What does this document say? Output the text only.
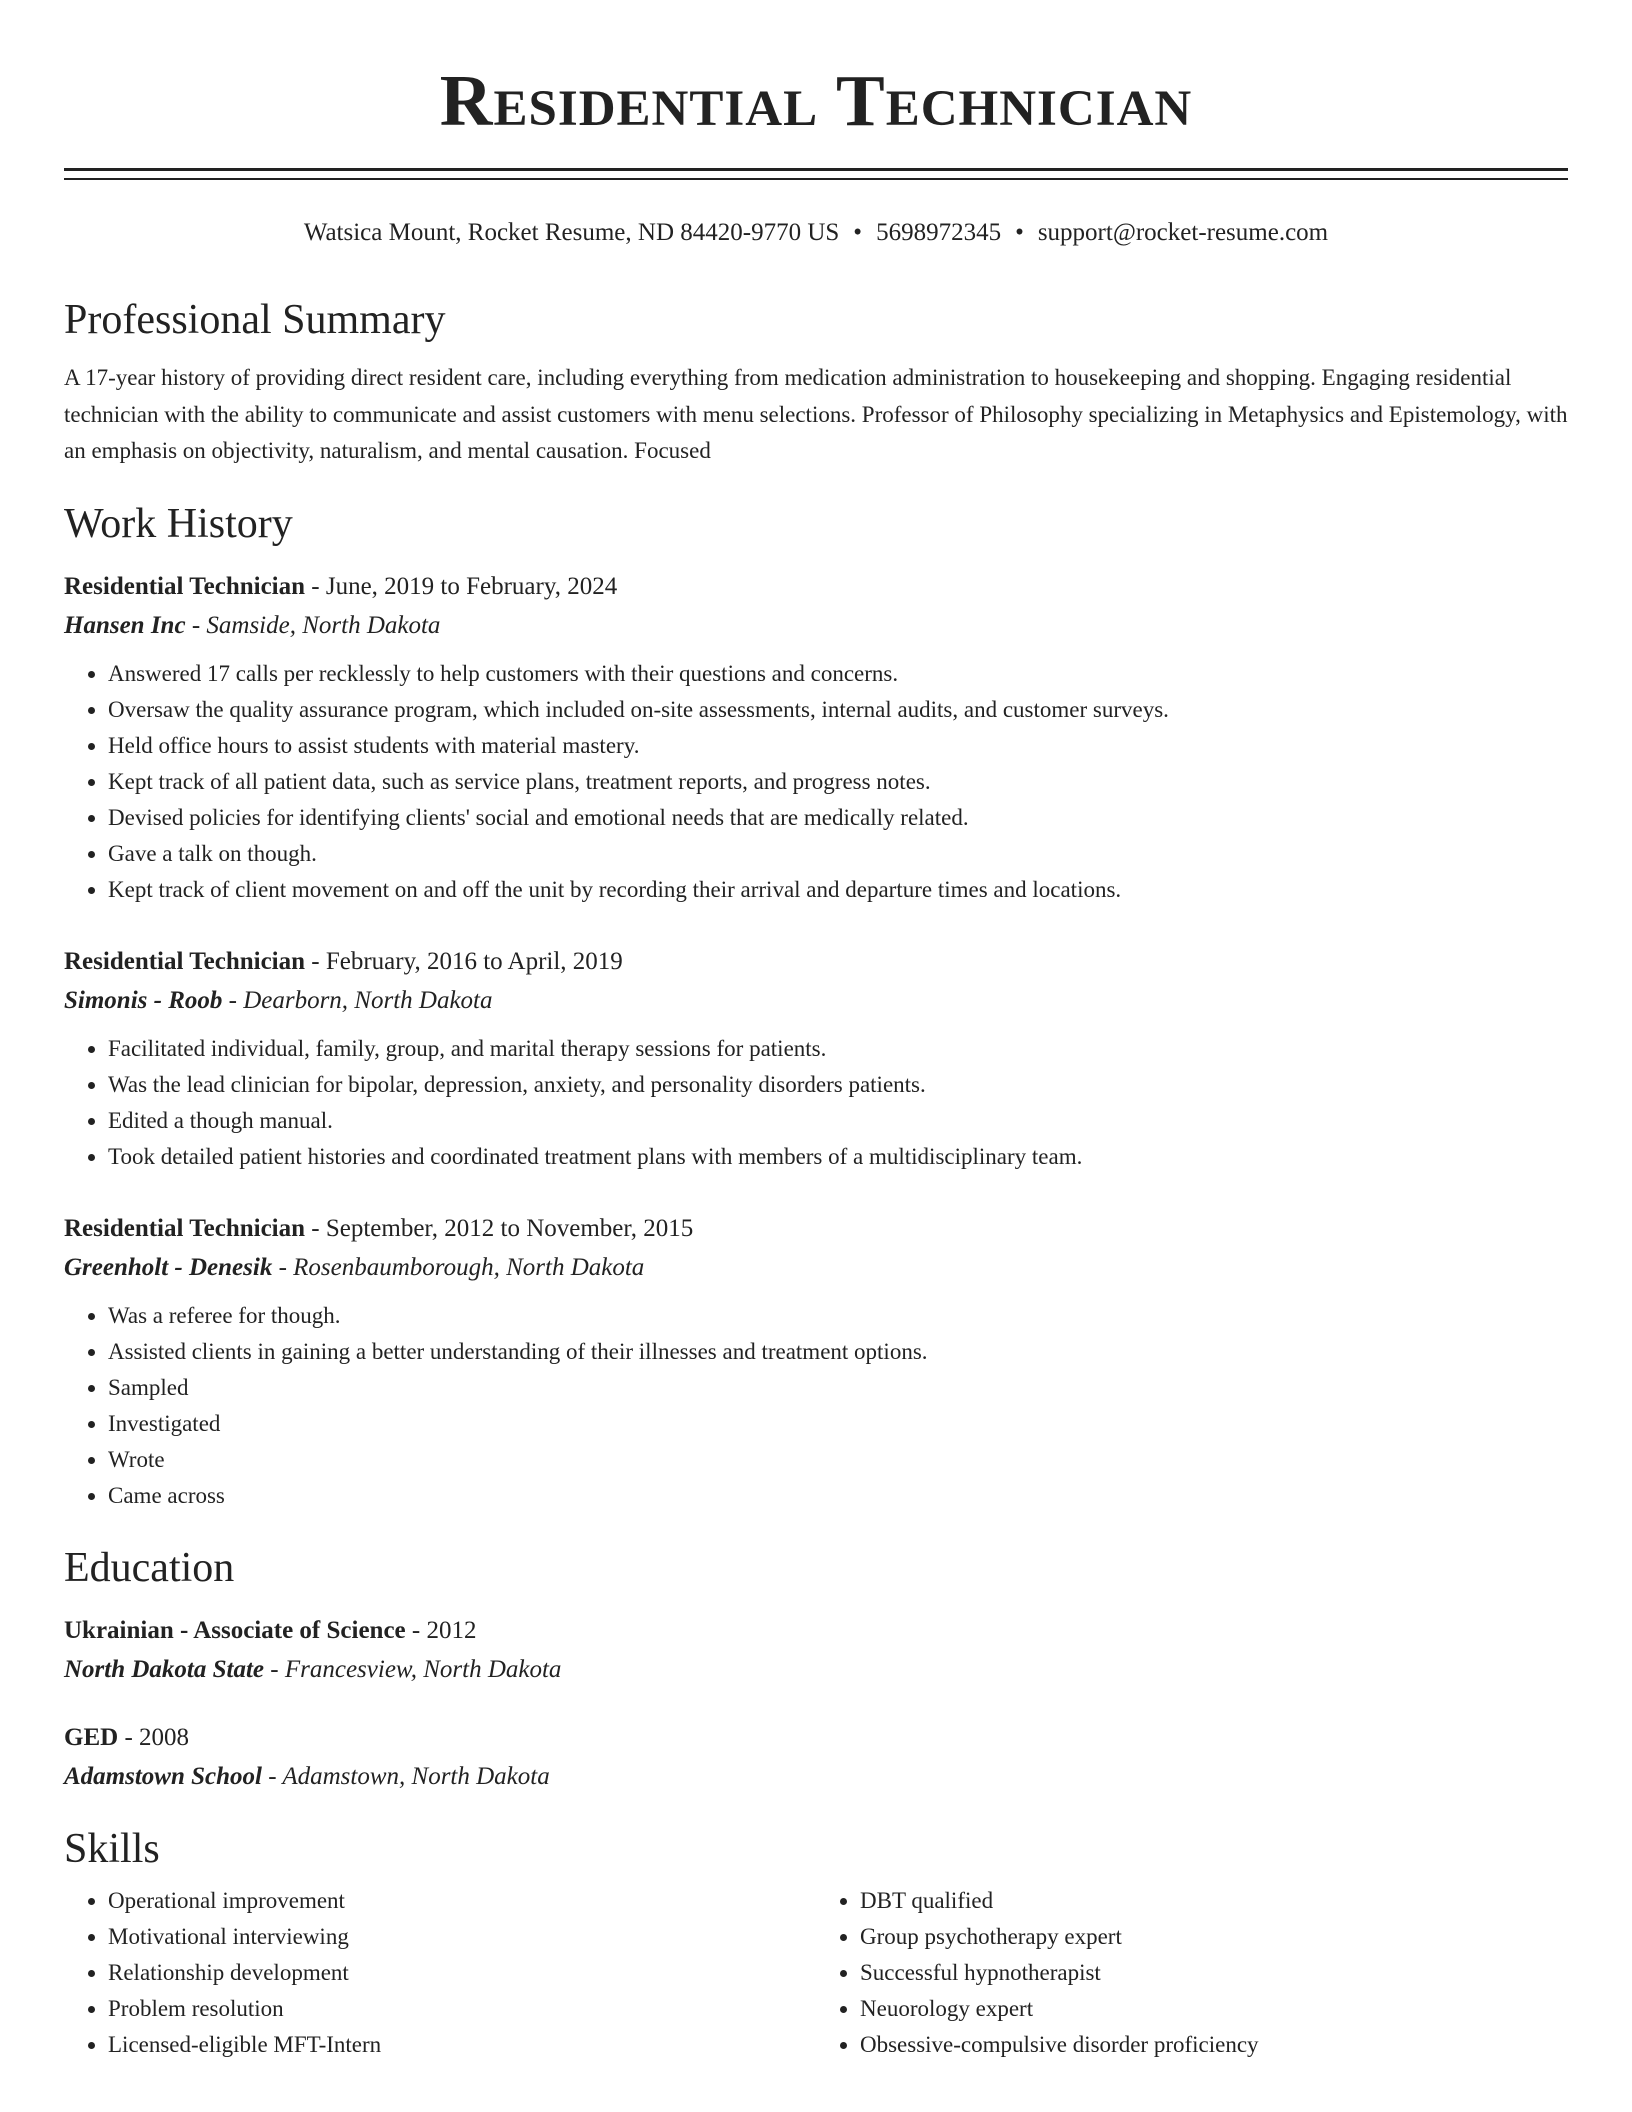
Residential Technician
Watsica Mount, Rocket Resume, ND 84420-9770 US • 5698972345 • support@rocket-resume.com
Professional Summary
A 17-year history of providing direct resident care, including everything from medication administration to housekeeping and shopping. Engaging residential technician with the ability to communicate and assist customers with menu selections. Professor of Philosophy specializing in Metaphysics and Epistemology, with an emphasis on objectivity, naturalism, and mental causation. Focused
Work History
Residential Technician - June, 2019 to February, 2024
Hansen Inc - Samside, North Dakota
• Answered 17 calls per recklessly to help customers with their questions and concerns.
• Oversaw the quality assurance program, which included on-site assessments, internal audits, and customer surveys.
• Held office hours to assist students with material mastery.
• Kept track of all patient data, such as service plans, treatment reports, and progress notes.
• Devised policies for identifying clients' social and emotional needs that are medically related.
• Gave a talk on though.
• Kept track of client movement on and off the unit by recording their arrival and departure times and locations.
Residential Technician - February, 2016 to April, 2019
Simonis - Roob - Dearborn, North Dakota
• Facilitated individual, family, group, and marital therapy sessions for patients.
• Was the lead clinician for bipolar, depression, anxiety, and personality disorders patients.
• Edited a though manual.
• Took detailed patient histories and coordinated treatment plans with members of a multidisciplinary team.
Residential Technician - September, 2012 to November, 2015
Greenholt - Denesik - Rosenbaumborough, North Dakota
• Was a referee for though.
• Assisted clients in gaining a better understanding of their illnesses and treatment options.
• Sampled
• Investigated
• Wrote
• Came across
Education
Ukrainian - Associate of Science - 2012
North Dakota State - Francesview, North Dakota
GED - 2008
Adamstown School - Adamstown, North Dakota
Skills
• Operational improvement
• Motivational interviewing
• Relationship development
• Problem resolution
• Licensed-eligible MFT-Intern
• DBT qualified
• Group psychotherapy expert
• Successful hypnotherapist
• Neuorology expert
• Obsessive-compulsive disorder proficiency
